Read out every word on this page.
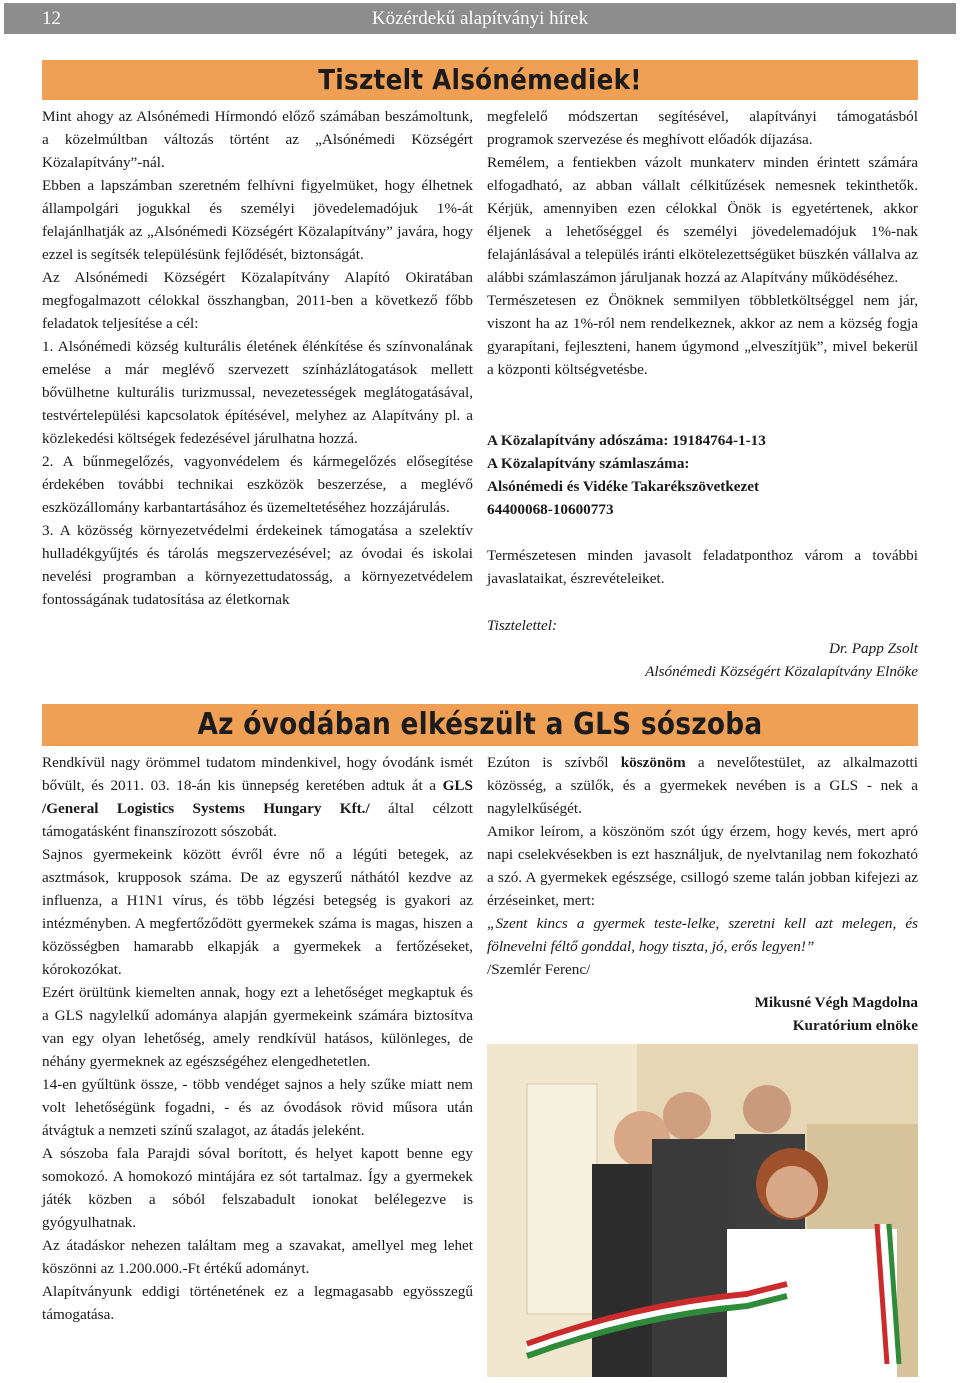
12	Közérdekű alapítványi hírek
Tisztelt Alsónémediek!

Mint ahogy az Alsónémedi Hírmondó előző számában beszámoltunk, a közelmúltban változás történt az „Alsónémedi Községért Közalapítvány”-nál.

Ebben a lapszámban szeretném felhívni figyelmüket, hogy élhetnek állampolgári jogukkal és személyi jövedelemadójuk 1%-át felajánlhatják az „Alsónémedi Községért Közalapítvány” javára, hogy ezzel is segítsék településünk fejlődését, biztonságát.

Az Alsónémedi Községért Közalapítvány Alapító Okiratában megfogalmazott célokkal összhangban, 2011-ben a következő főbb feladatok teljesítése a cél:

1. Alsónémedi község kulturális életének élénkítése és színvonalának emelése a már meglévő szervezett színházlátogatások mellett bővülhetne kulturális turizmussal, nevezetességek meglátogatásával, testvértelepülési kapcsolatok építésével, melyhez az Alapítvány pl. a közlekedési költségek fedezésével járulhatna hozzá.

2. A bűnmegelőzés, vagyonvédelem és kármegelőzés elősegítése érdekében további technikai eszközök beszerzése, a meglévő eszközállomány karbantartásához és üzemeltetéséhez hozzájárulás.

3. A közösség környezetvédelmi érdekeinek támogatása a szelektív hulladékgyűjtés és tárolás megszervezésével; az óvodai és iskolai nevelési programban a környezettudatosság, a környezetvédelem fontosságának tudatosítása az életkornak

megfelelő módszertan segítésével, alapítványi támogatásból programok szervezése és meghívott előadók díjazása.

Remélem, a fentiekben vázolt munkaterv minden érintett számára elfogadható, az abban vállalt célkitűzések nemesnek tekinthetők. Kérjük, amennyiben ezen célokkal Önök is egyetértenek, akkor éljenek a lehetőséggel és személyi jövedelemadójuk 1%-nak felajánlásával a település iránti elkötelezettségüket büszkén vállalva az alábbi számlaszámon járuljanak hozzá az Alapítvány működéséhez.

Természetesen ez Önöknek semmilyen többletköltséggel nem jár, viszont ha az 1%-ról nem rendelkeznek, akkor az nem a község fogja gyarapítani, fejleszteni, hanem úgymond „elveszítjük”, mivel bekerül a központi költségvetésbe.

A Közalapítvány adószáma: 19184764-1-13

A Közalapítvány számlaszáma:

Alsónémedi és Vidéke Takarékszövetkezet

64400068-10600773

Természetesen minden javasolt feladatponthoz várom a további javaslataikat, észrevételeiket.

Tisztelettel:

Dr. Papp Zsolt

Alsónémedi Községért Közalapítvány Elnöke

Az óvodában elkészült a GLS sószoba

Rendkívül nagy örömmel tudatom mindenkivel, hogy óvodánk ismét bővült, és 2011. 03. 18-án kis ünnepség keretében adtuk át a GLS /General Logistics Systems Hungary Kft./ által célzott támogatásként finanszírozott sószobát.

Sajnos gyermekeink között évről évre nő a légúti betegek, az asztmások, krupposok száma. De az egyszerű náthától kezdve az influenza, a H1N1 vírus, és több légzési betegség is gyakori az intézményben. A megfertőződött gyermekek száma is magas, hiszen a közösségben hamarabb elkapják a gyermekek a fertőzéseket, kórokozókat.

Ezért örültünk kiemelten annak, hogy ezt a lehetőséget megkaptuk és a GLS nagylelkű adománya alapján gyermekeink számára biztosítva van egy olyan lehetőség, amely rendkívül hatásos, különleges, de néhány gyermeknek az egészségéhez elengedhetetlen.

14-en gyűltünk össze, - több vendéget sajnos a hely szűke miatt nem volt lehetőségünk fogadni, - és az óvodások rövid műsora után átvágtuk a nemzeti színű szalagot, az átadás jeleként.

A sószoba fala Parajdi sóval borított, és helyet kapott benne egy somokozó. A homokozó mintájára ez sót tartalmaz. Így a gyermekek játék közben a sóból felszabadult ionokat belélegezve is gyógyulhatnak.

Az átadáskor nehezen találtam meg a szavakat, amellyel meg lehet köszönni az 1.200.000.-Ft értékű adományt.

Alapítványunk eddigi történetének ez a legmagasabb egyösszegű támogatása.

Ezúton is szívből köszönöm a nevelőtestület, az alkalmazotti közösség, a szülők, és a gyermekek nevében is a GLS - nek a nagylelkűségét.

Amikor leírom, a köszönöm szót úgy érzem, hogy kevés, mert apró napi cselekvésekben is ezt használjuk, de nyelvtanilag nem fokozható a szó. A gyermekek egészsége, csillogó szeme talán jobban kifejezi az érzéseinket, mert:

„Szent kincs a gyermek teste-lelke, szeretni kell azt melegen, és fölnevelni féltő gonddal, hogy tiszta, jó, erős legyen!”

/Szemlér Ferenc/

Mikusné Végh Magdolna

Kuratórium elnöke
